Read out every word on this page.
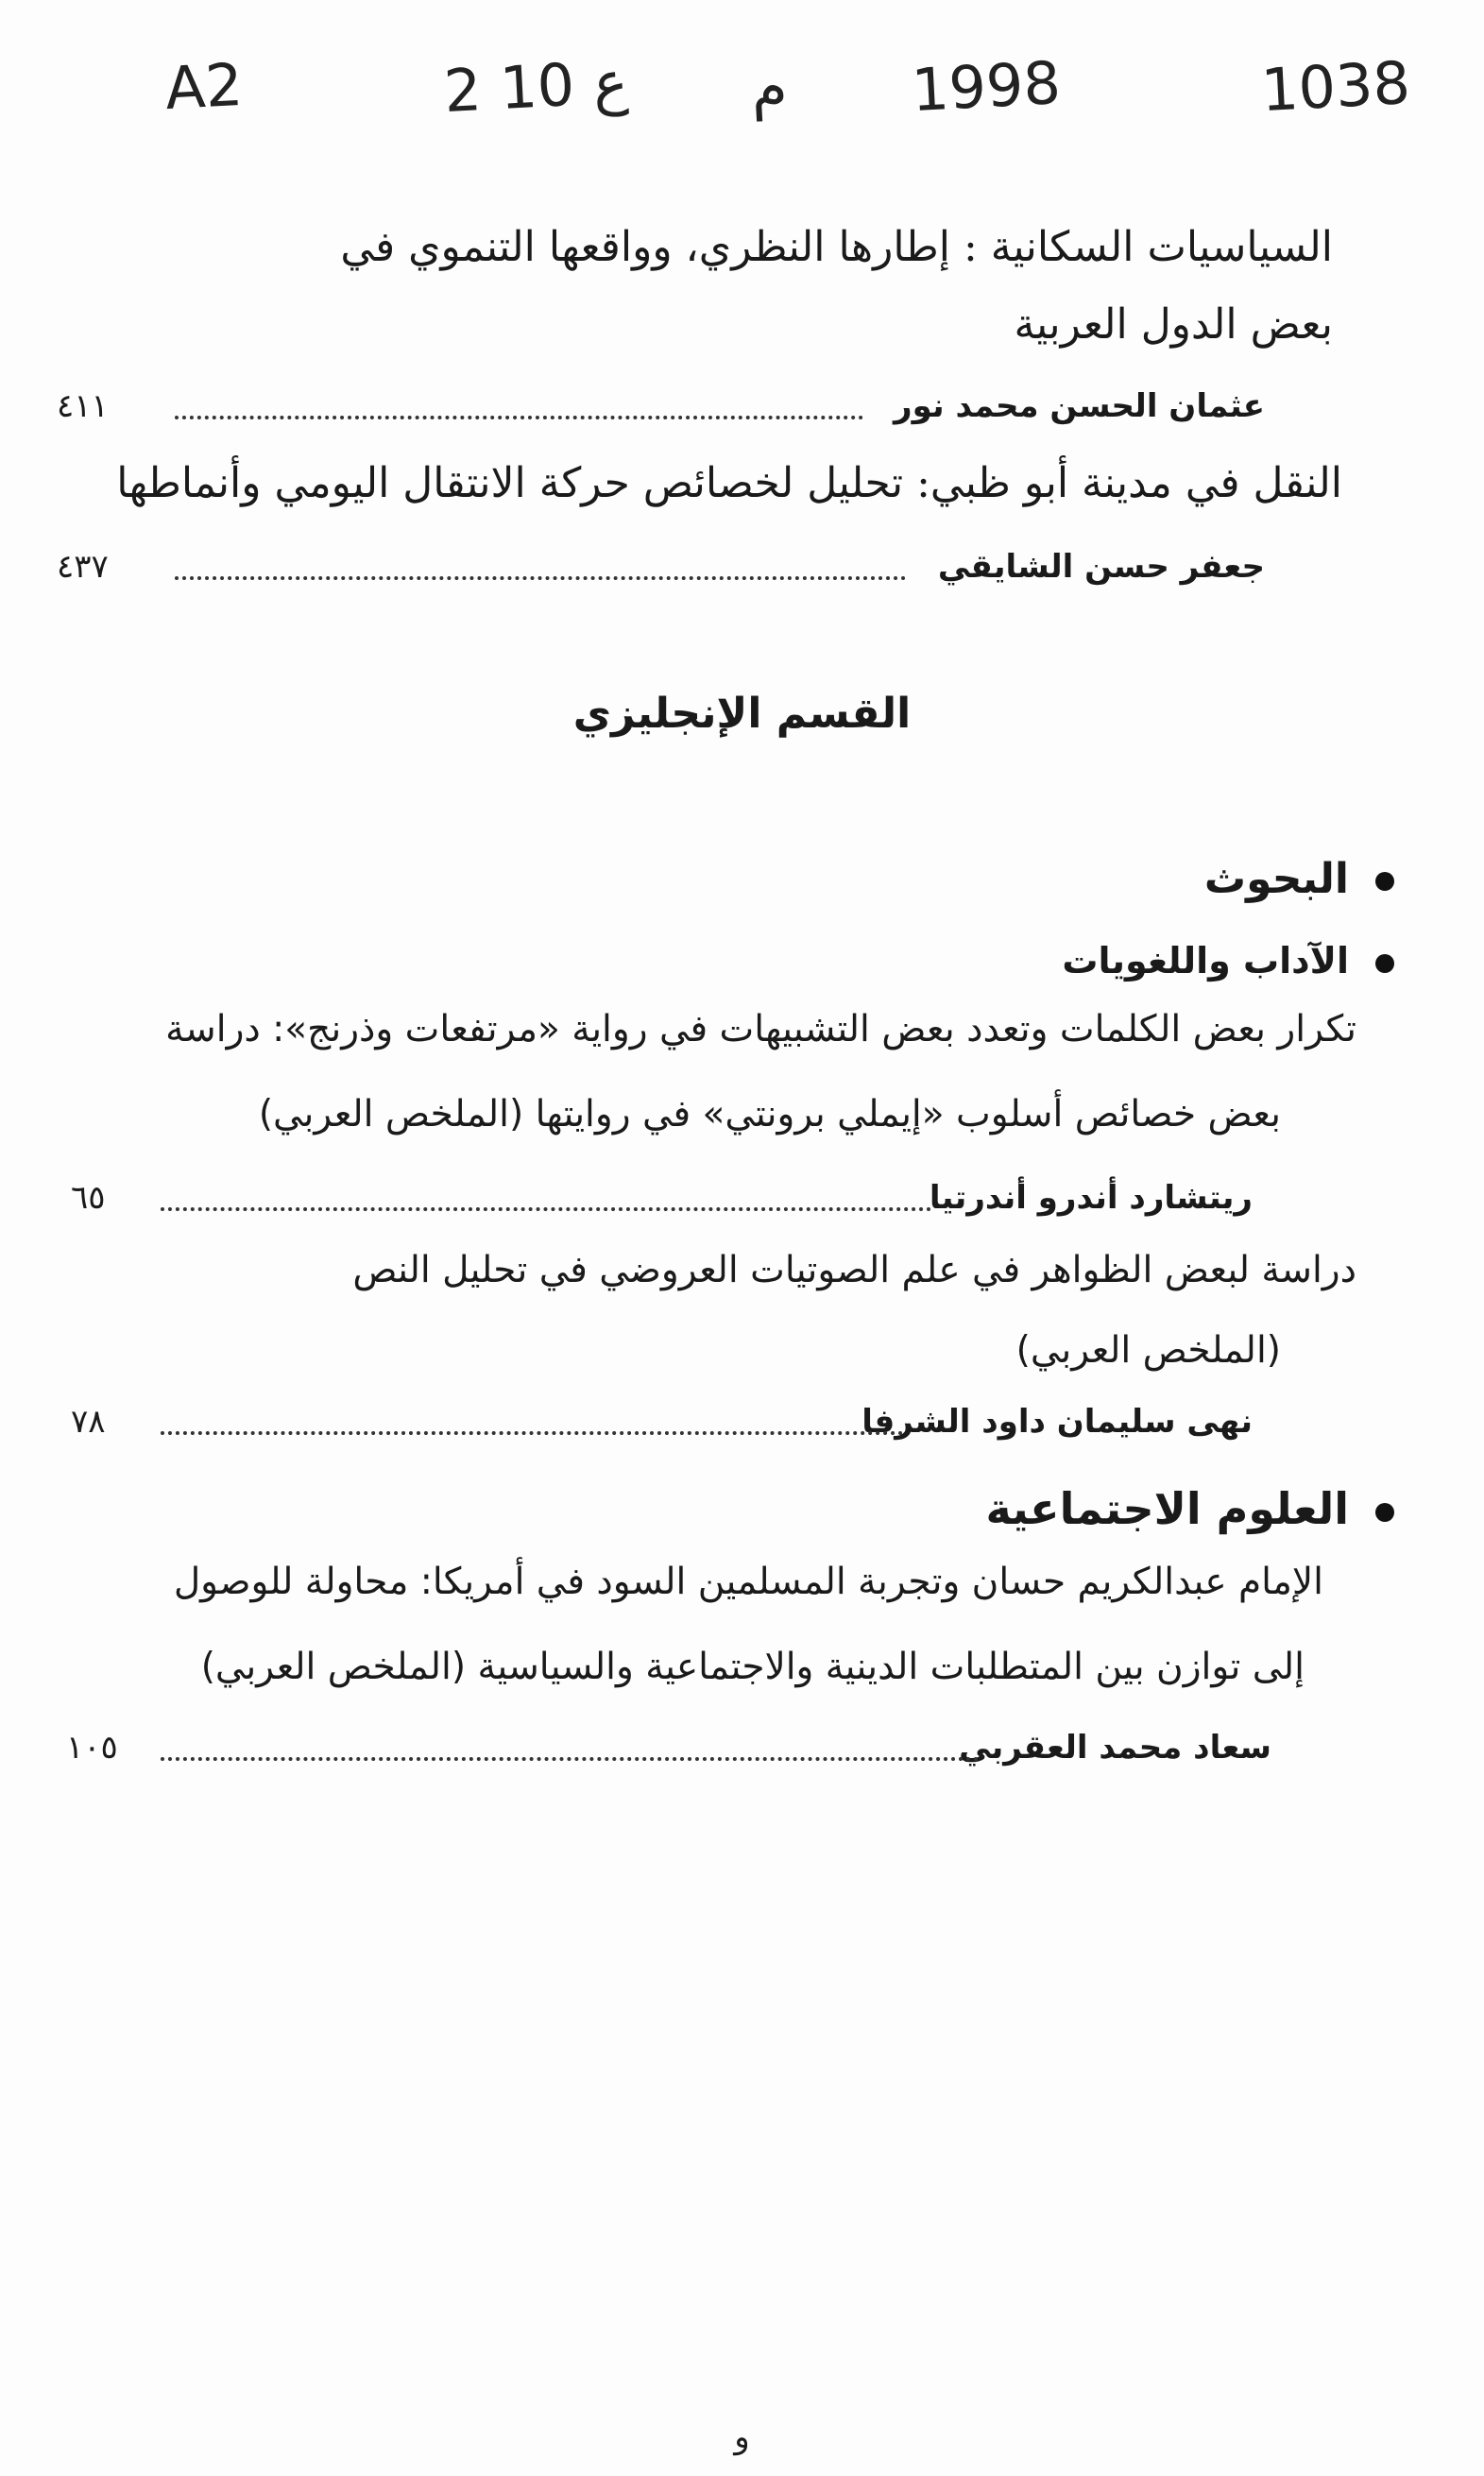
A2	2 ع 10 م 1998	1038
السياسيات السكانية : إطارها النظري، وواقعها التنموي في
بعض الدول العربية
عثمان الحسن محمد نور
٤١١
النقل في مدينة أبو ظبي: تحليل لخصائص حركة الانتقال اليومي وأنماطها
جعفر حسن الشايقي
٤٣٧
القسم الإنجليزي
البحوث
الآداب واللغويات
تكرار بعض الكلمات وتعدد بعض التشبيهات في رواية «مرتفعات وذرنج»: دراسة
بعض خصائص أسلوب «إيملي برونتي» في روايتها (الملخص العربي)
ريتشارد أندرو أندرتيا
٦٥
دراسة لبعض الظواهر في علم الصوتيات العروضي في تحليل النص
(الملخص العربي)
نهى سليمان داود الشرفا
٧٨
العلوم الاجتماعية
الإمام عبدالكريم حسان وتجربة المسلمين السود في أمريكا: محاولة للوصول
إلى توازن بين المتطلبات الدينية والاجتماعية والسياسية (الملخص العربي)
سعاد محمد العقربي
١٠٥
و
